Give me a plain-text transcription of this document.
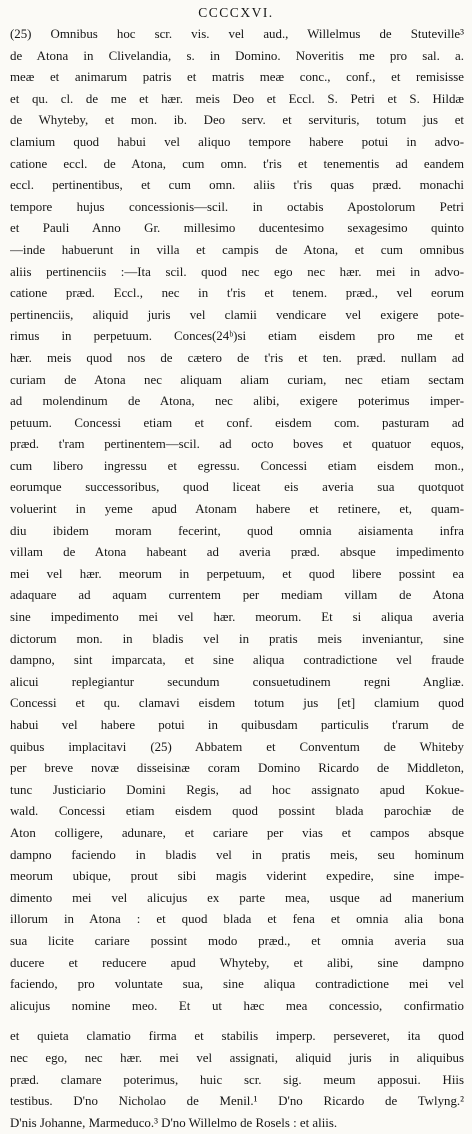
CCCCXVI.
(25) Omnibus hoc scr. vis. vel aud., Willelmus de Stuteville³
de Atona in Clivelandia, s. in Domino. Noveritis me pro sal. a.
meæ et animarum patris et matris meæ conc., conf., et remisisse
et qu. cl. de me et hær. meis Deo et Eccl. S. Petri et S. Hildæ
de Whyteby, et mon. ib. Deo serv. et servituris, totum jus et
clamium quod habui vel aliquo tempore habere potui in advo-
catione eccl. de Atona, cum omn. t'ris et tenementis ad eandem
eccl. pertinentibus, et cum omn. aliis t'ris quas præd. monachi
tempore hujus concessionis—scil. in octabis Apostolorum Petri
et Pauli Anno Gr. millesimo ducentesimo sexagesimo quinto
—inde habuerunt in villa et campis de Atona, et cum omnibus
aliis pertinenciis :—Ita scil. quod nec ego nec hær. mei in advo-
catione præd. Eccl., nec in t'ris et tenem. præd., vel eorum
pertinenciis, aliquid juris vel clamii vendicare vel exigere pote-
rimus in perpetuum. Conces(24ᵇ)si etiam eisdem pro me et
hær. meis quod nos de cætero de t'ris et ten. præd. nullam ad
curiam de Atona nec aliquam aliam curiam, nec etiam sectam
ad molendinum de Atona, nec alibi, exigere poterimus imper-
petuum. Concessi etiam et conf. eisdem com. pasturam ad
præd. t'ram pertinentem—scil. ad octo boves et quatuor equos,
cum libero ingressu et egressu. Concessi etiam eisdem mon.,
eorumque successoribus, quod liceat eis averia sua quotquot
voluerint in yeme apud Atonam habere et retinere, et, quam-
diu ibidem moram fecerint, quod omnia aisiamenta infra
villam de Atona habeant ad averia præd. absque impedimento
mei vel hær. meorum in perpetuum, et quod libere possint ea
adaquare ad aquam currentem per mediam villam de Atona
sine impedimento mei vel hær. meorum. Et si aliqua averia
dictorum mon. in bladis vel in pratis meis inveniantur, sine
dampno, sint imparcata, et sine aliqua contradictione vel fraude
alicui replegiantur secundum consuetudinem regni Angliæ.
Concessi et qu. clamavi eisdem totum jus [et] clamium quod
habui vel habere potui in quibusdam particulis t'rarum de
quibus implacitavi (25) Abbatem et Conventum de Whiteby
per breve novæ disseisinæ coram Domino Ricardo de Middleton,
tunc Justiciario Domini Regis, ad hoc assignato apud Kokue-
wald. Concessi etiam eisdem quod possint blada parochiæ de
Aton colligere, adunare, et cariare per vias et campos absque
dampno faciendo in bladis vel in pratis meis, seu hominum
meorum ubique, prout sibi magis viderint expedire, sine impe-
dimento mei vel alicujus ex parte mea, usque ad manerium
illorum in Atona : et quod blada et fena et omnia alia bona
sua licite cariare possint modo præd., et omnia averia sua
ducere et reducere apud Whyteby, et alibi, sine dampno
faciendo, pro voluntate sua, sine aliqua contradictione mei vel
alicujus nomine meo. Et ut hæc mea concessio, confirmatio
et quieta clamatio firma et stabilis imperp. perseveret, ita quod
nec ego, nec hær. mei vel assignati, aliquid juris in aliquibus
præd. clamare poterimus, huic scr. sig. meum apposui. Hiis
testibus. D'no Nicholao de Menil.¹ D'no Ricardo de Twlyng.²
D'nis Johanne, Marmeduco.³ D'no Willelmo de Rosels : et aliis.
